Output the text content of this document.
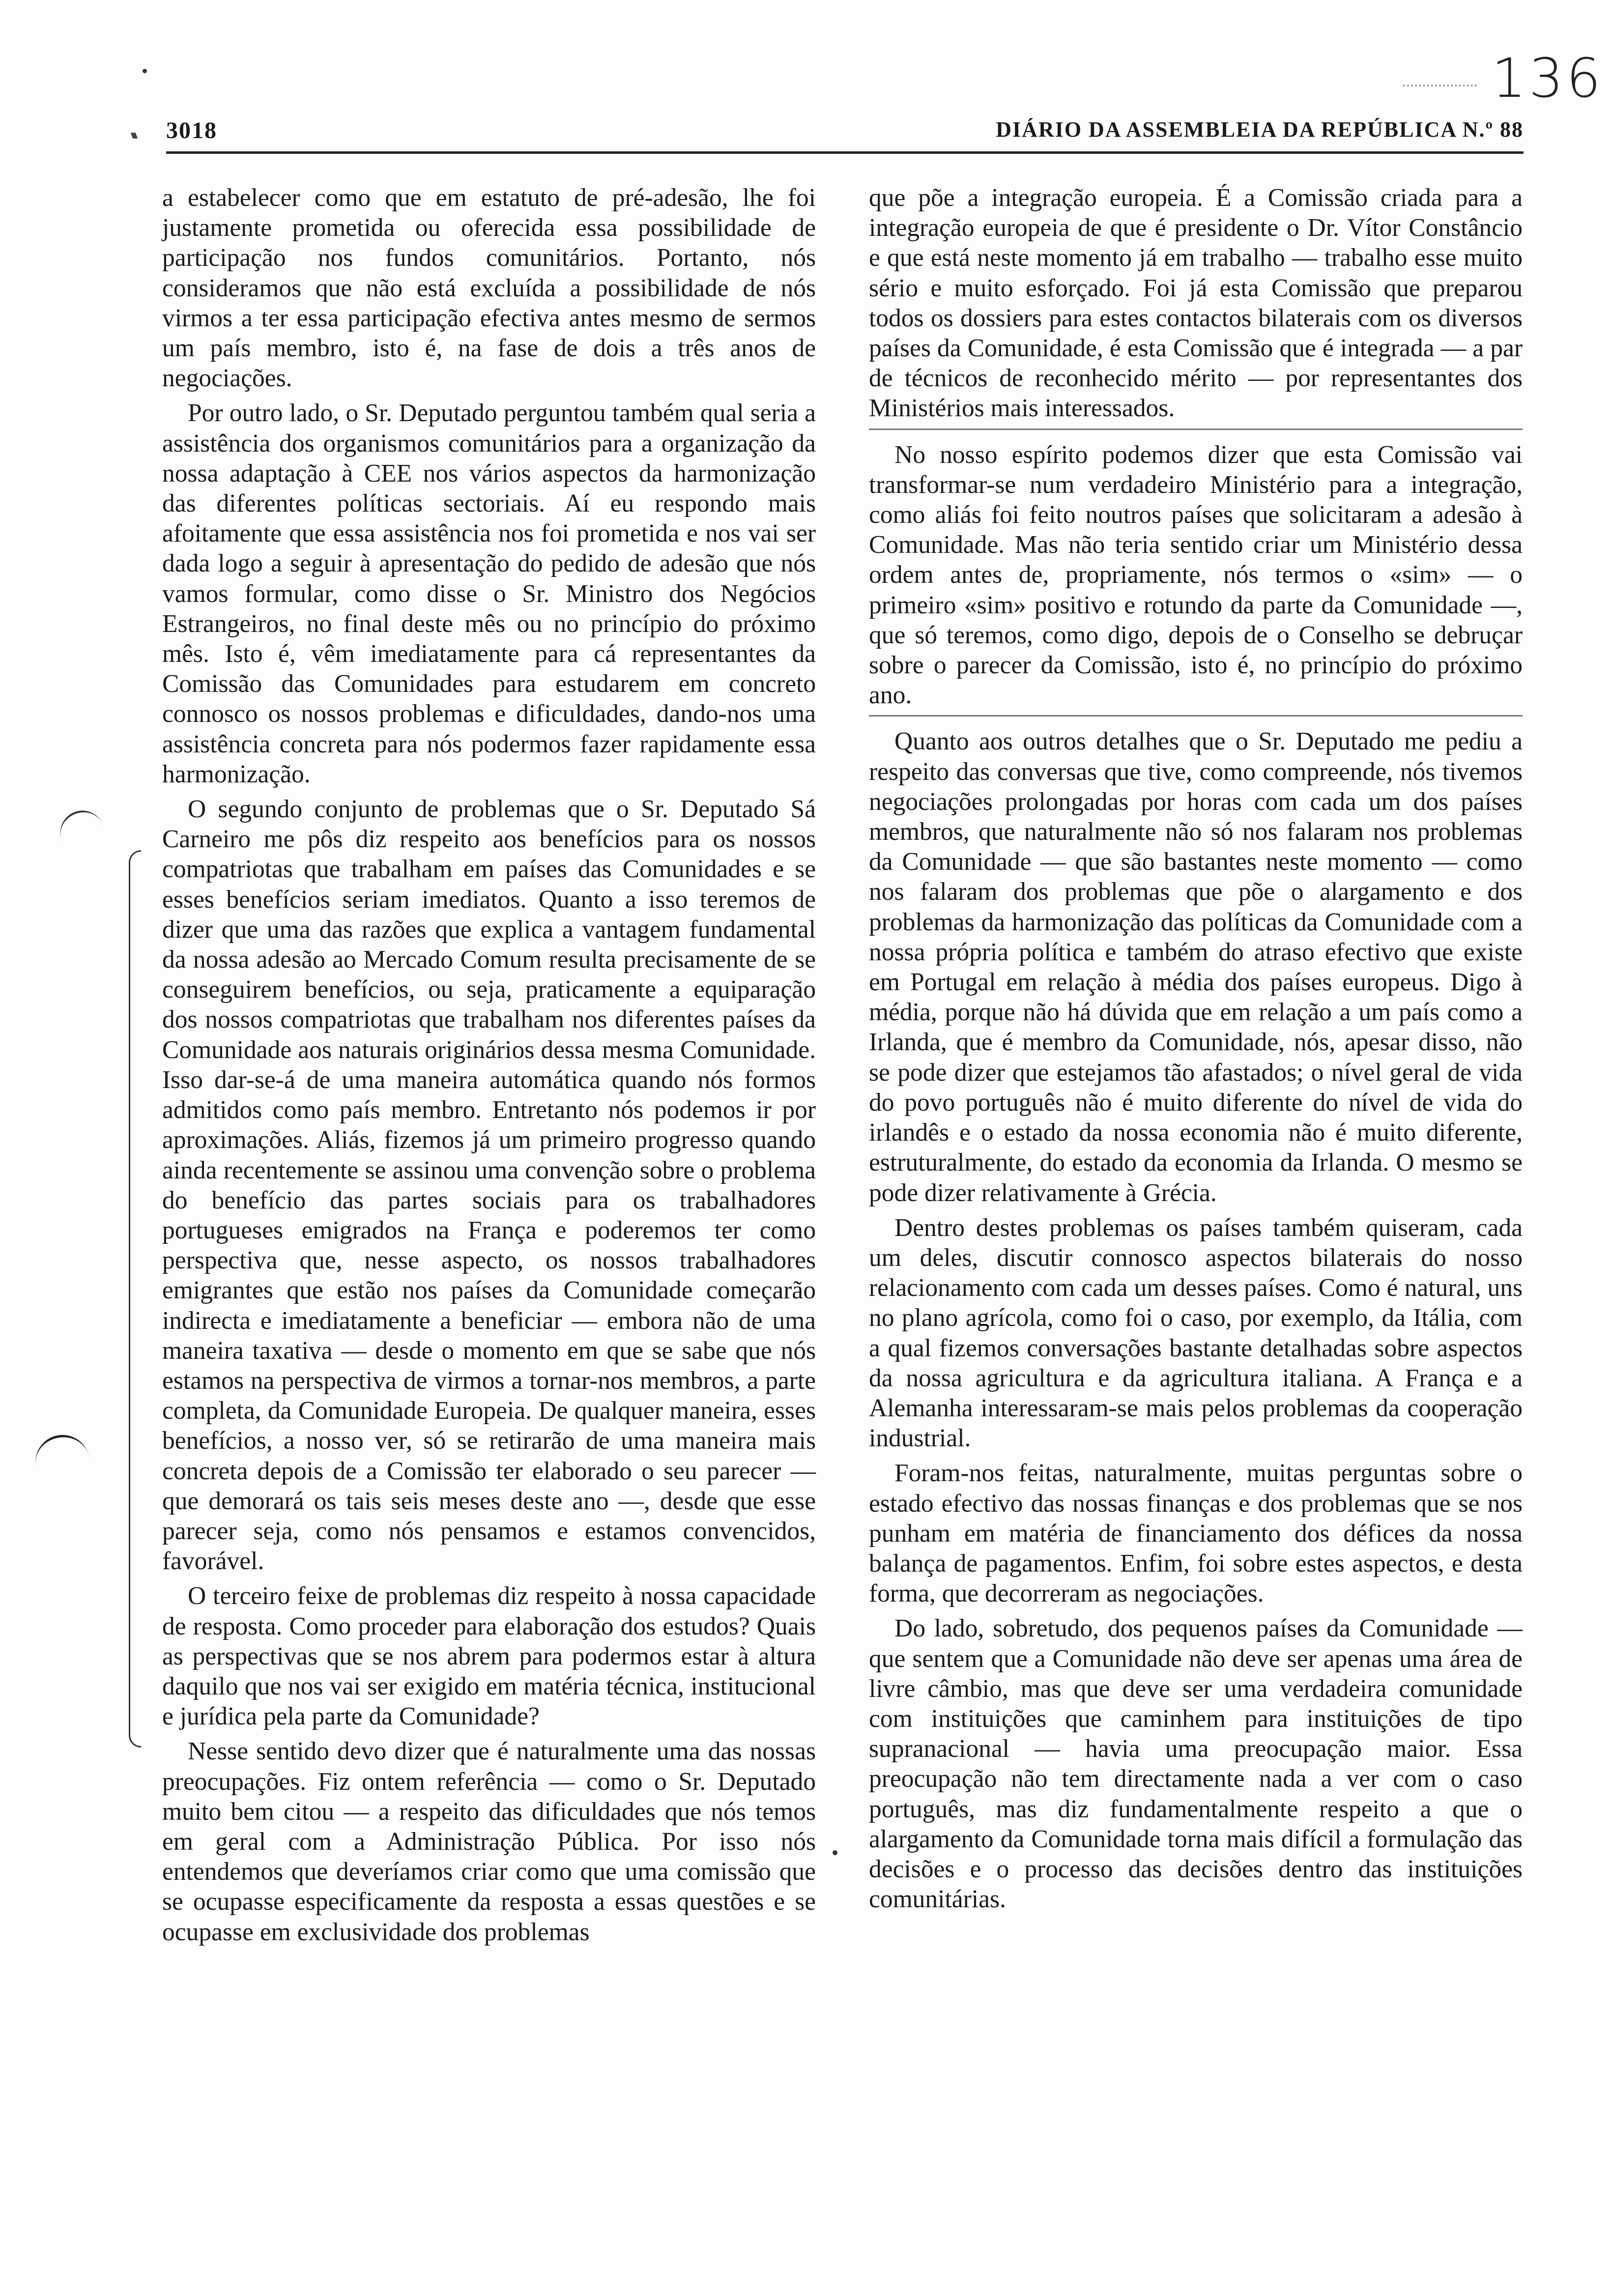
136
3018	DIÁRIO DA ASSEMBLEIA DA REPÚBLICA N.º 88

a estabelecer como que em estatuto de pré-adesão, lhe foi justamente prometida ou oferecida essa possibilidade de participação nos fundos comunitários. Portanto, nós consideramos que não está excluída a possibilidade de nós virmos a ter essa participação efectiva antes mesmo de sermos um país membro, isto é, na fase de dois a três anos de negociações.

Por outro lado, o Sr. Deputado perguntou também qual seria a assistência dos organismos comunitários para a organização da nossa adaptação à CEE nos vários aspectos da harmonização das diferentes políticas sectoriais. Aí eu respondo mais afoitamente que essa assistência nos foi prometida e nos vai ser dada logo a seguir à apresentação do pedido de adesão que nós vamos formular, como disse o Sr. Ministro dos Negócios Estrangeiros, no final deste mês ou no princípio do próximo mês. Isto é, vêm imediatamente para cá representantes da Comissão das Comunidades para estudarem em concreto connosco os nossos problemas e dificuldades, dando-nos uma assistência concreta para nós podermos fazer rapidamente essa harmonização.

O segundo conjunto de problemas que o Sr. Deputado Sá Carneiro me pôs diz respeito aos benefícios para os nossos compatriotas que trabalham em países das Comunidades e se esses benefícios seriam imediatos. Quanto a isso teremos de dizer que uma das razões que explica a vantagem fundamental da nossa adesão ao Mercado Comum resulta precisamente de se conseguirem benefícios, ou seja, praticamente a equiparação dos nossos compatriotas que trabalham nos diferentes países da Comunidade aos naturais originários dessa mesma Comunidade. Isso dar-se-á de uma maneira automática quando nós formos admitidos como país membro. Entretanto nós podemos ir por aproximações. Aliás, fizemos já um primeiro progresso quando ainda recentemente se assinou uma convenção sobre o problema do benefício das partes sociais para os trabalhadores portugueses emigrados na França e poderemos ter como perspectiva que, nesse aspecto, os nossos trabalhadores emigrantes que estão nos países da Comunidade começarão indirecta e imediatamente a beneficiar — embora não de uma maneira taxativa — desde o momento em que se sabe que nós estamos na perspectiva de virmos a tornar-nos membros, a parte completa, da Comunidade Europeia. De qualquer maneira, esses benefícios, a nosso ver, só se retirarão de uma maneira mais concreta depois de a Comissão ter elaborado o seu parecer — que demorará os tais seis meses deste ano —, desde que esse parecer seja, como nós pensamos e estamos convencidos, favorável.

O terceiro feixe de problemas diz respeito à nossa capacidade de resposta. Como proceder para elaboração dos estudos? Quais as perspectivas que se nos abrem para podermos estar à altura daquilo que nos vai ser exigido em matéria técnica, institucional e jurídica pela parte da Comunidade?

Nesse sentido devo dizer que é naturalmente uma das nossas preocupações. Fiz ontem referência — como o Sr. Deputado muito bem citou — a respeito das dificuldades que nós temos em geral com a Administração Pública. Por isso nós entendemos que deveríamos criar como que uma comissão que se ocupasse especificamente da resposta a essas questões e se ocupasse em exclusividade dos problemas

que põe a integração europeia. É a Comissão criada para a integração europeia de que é presidente o Dr. Vítor Constâncio e que está neste momento já em trabalho — trabalho esse muito sério e muito esforçado. Foi já esta Comissão que preparou todos os dossiers para estes contactos bilaterais com os diversos países da Comunidade, é esta Comissão que é integrada — a par de técnicos de reconhecido mérito — por representantes dos Ministérios mais interessados.

No nosso espírito podemos dizer que esta Comissão vai transformar-se num verdadeiro Ministério para a integração, como aliás foi feito noutros países que solicitaram a adesão à Comunidade. Mas não teria sentido criar um Ministério dessa ordem antes de, propriamente, nós termos o «sim» — o primeiro «sim» positivo e rotundo da parte da Comunidade —, que só teremos, como digo, depois de o Conselho se debruçar sobre o parecer da Comissão, isto é, no princípio do próximo ano.

Quanto aos outros detalhes que o Sr. Deputado me pediu a respeito das conversas que tive, como compreende, nós tivemos negociações prolongadas por horas com cada um dos países membros, que naturalmente não só nos falaram nos problemas da Comunidade — que são bastantes neste momento — como nos falaram dos problemas que põe o alargamento e dos problemas da harmonização das políticas da Comunidade com a nossa própria política e também do atraso efectivo que existe em Portugal em relação à média dos países europeus. Digo à média, porque não há dúvida que em relação a um país como a Irlanda, que é membro da Comunidade, nós, apesar disso, não se pode dizer que estejamos tão afastados; o nível geral de vida do povo português não é muito diferente do nível de vida do irlandês e o estado da nossa economia não é muito diferente, estruturalmente, do estado da economia da Irlanda. O mesmo se pode dizer relativamente à Grécia.

Dentro destes problemas os países também quiseram, cada um deles, discutir connosco aspectos bilaterais do nosso relacionamento com cada um desses países. Como é natural, uns no plano agrícola, como foi o caso, por exemplo, da Itália, com a qual fizemos conversações bastante detalhadas sobre aspectos da nossa agricultura e da agricultura italiana. A França e a Alemanha interessaram-se mais pelos problemas da cooperação industrial.

Foram-nos feitas, naturalmente, muitas perguntas sobre o estado efectivo das nossas finanças e dos problemas que se nos punham em matéria de financiamento dos défices da nossa balança de pagamentos. Enfim, foi sobre estes aspectos, e desta forma, que decorreram as negociações.

Do lado, sobretudo, dos pequenos países da Comunidade — que sentem que a Comunidade não deve ser apenas uma área de livre câmbio, mas que deve ser uma verdadeira comunidade com instituições que caminhem para instituições de tipo supranacional — havia uma preocupação maior. Essa preocupação não tem directamente nada a ver com o caso português, mas diz fundamentalmente respeito a que o alargamento da Comunidade torna mais difícil a formulação das decisões e o processo das decisões dentro das instituições comunitárias.
